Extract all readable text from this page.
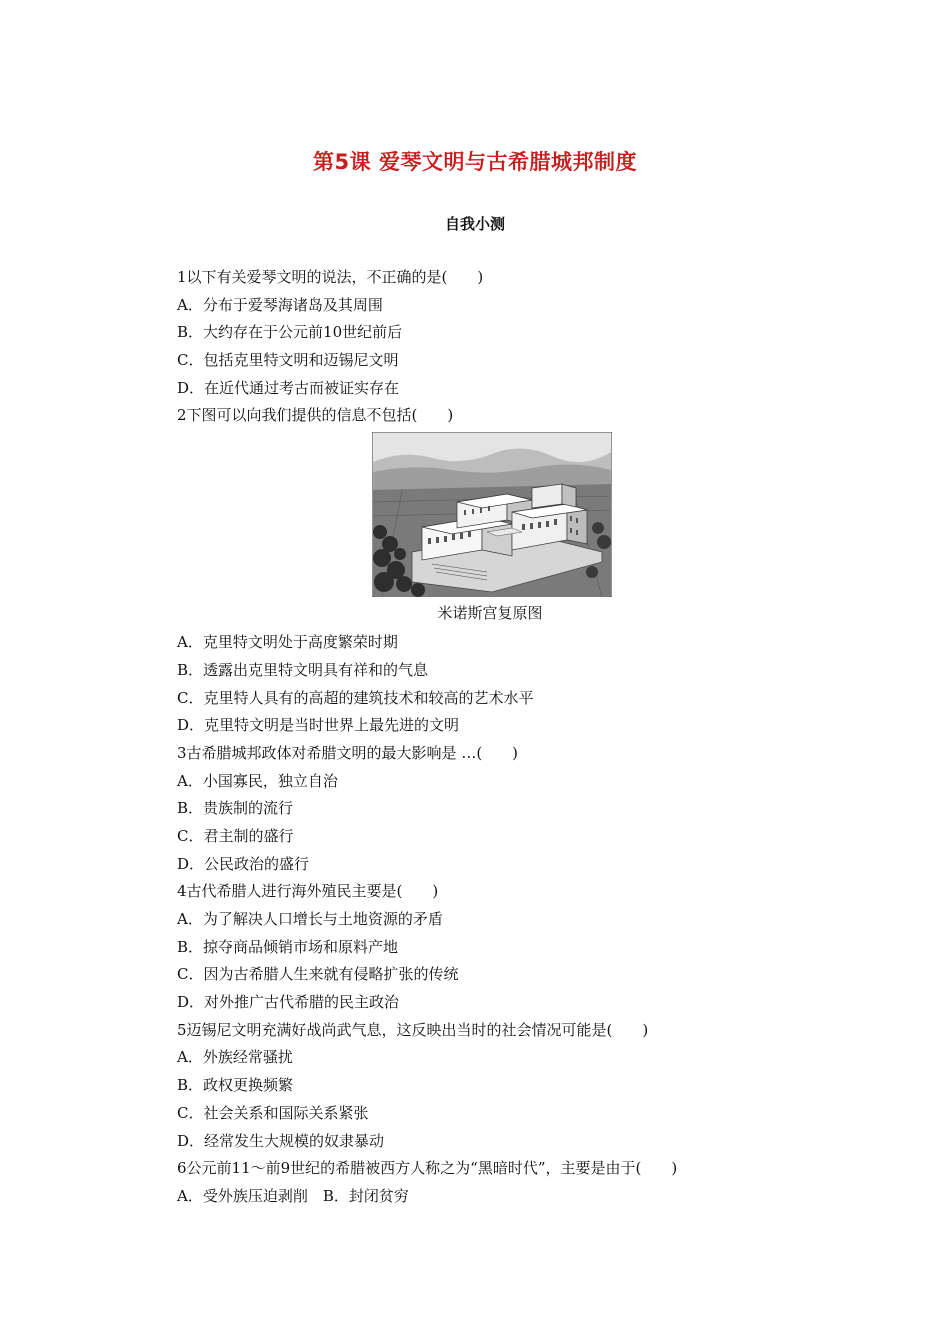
第5课 爱琴文明与古希腊城邦制度
自我小测
1以下有关爱琴文明的说法，不正确的是(　　)
A．分布于爱琴海诸岛及其周围
B．大约存在于公元前10世纪前后
C．包括克里特文明和迈锡尼文明
D．在近代通过考古而被证实存在
2下图可以向我们提供的信息不包括(　　)
米诺斯宫复原图
A．克里特文明处于高度繁荣时期
B．透露出克里特文明具有祥和的气息
C．克里特人具有的高超的建筑技术和较高的艺术水平
D．克里特文明是当时世界上最先进的文明
3古希腊城邦政体对希腊文明的最大影响是 …(　　)
A．小国寡民，独立自治
B．贵族制的流行
C．君主制的盛行
D．公民政治的盛行
4古代希腊人进行海外殖民主要是(　　)
A．为了解决人口增长与土地资源的矛盾
B．掠夺商品倾销市场和原料产地
C．因为古希腊人生来就有侵略扩张的传统
D．对外推广古代希腊的民主政治
5迈锡尼文明充满好战尚武气息，这反映出当时的社会情况可能是(　　)
A．外族经常骚扰
B．政权更换频繁
C．社会关系和国际关系紧张
D．经常发生大规模的奴隶暴动
6公元前11～前9世纪的希腊被西方人称之为“黑暗时代”，主要是由于(　　)
A．受外族压迫剥削　B．封闭贫穷
